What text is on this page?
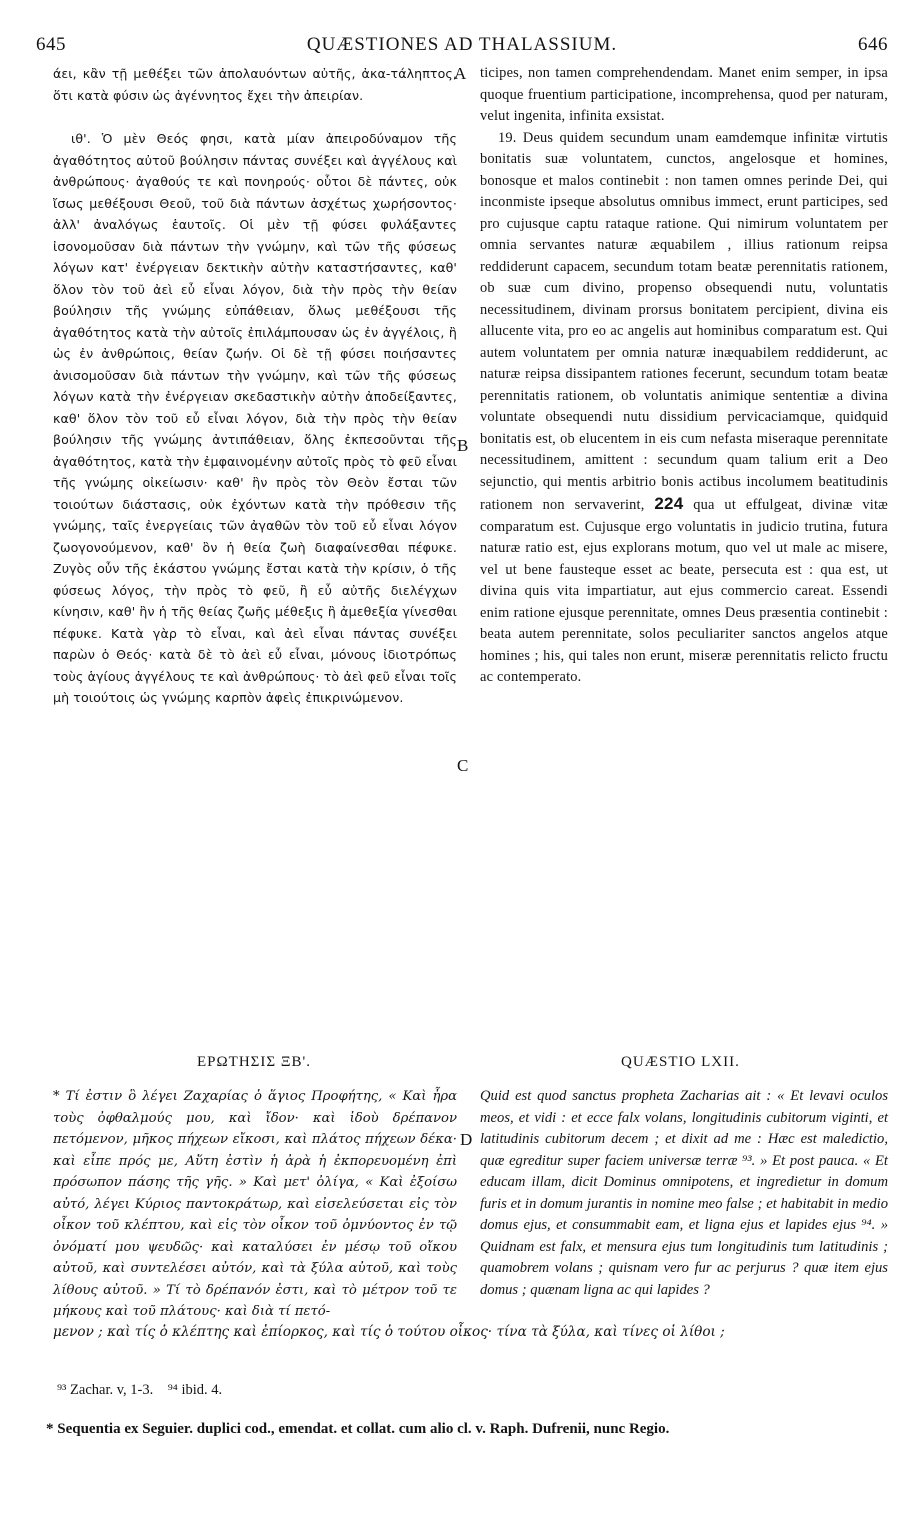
645	QUÆSTIONES AD THALASSIUM.	646

άει, κἂν τῇ μεθέξει τῶν ἀπολαυόντων αὐτῆς, ἀκα-τάληπτος, ὅτι κατὰ φύσιν ὡς ἀγέννητος ἔχει τὴν ἀπειρίαν.

ιθ'. Ὁ μὲν Θεός φησι, κατὰ μίαν ἀπειροδύναμον τῆς ἀγαθότητος αὐτοῦ βούλησιν πάντας συνέξει καὶ ἀγγέλους καὶ ἀνθρώπους· ἀγαθούς τε καὶ πονηρούς· οὗτοι δὲ πάντες, οὐκ ἴσως μεθέξουσι Θεοῦ, τοῦ διὰ πάντων ἀσχέτως χωρήσοντος· ἀλλ' ἀναλόγως ἑαυτοῖς. Οἱ μὲν τῇ φύσει φυλάξαντες ἰσονομοῦσαν διὰ πάντων τὴν γνώμην, καὶ τῶν τῆς φύσεως λόγων κατ' ἐνέργειαν δεκτικὴν αὐτὴν καταστήσαντες, καθ' ὅλον τὸν τοῦ ἀεὶ εὖ εἶναι λόγον, διὰ τὴν πρὸς τὴν θείαν βούλησιν τῆς γνώμης εὐπάθειαν, ὅλως μεθέξουσι τῆς ἀγαθότητος κατὰ τὴν αὐτοῖς ἐπιλάμπουσαν ὡς ἐν ἀγγέλοις, ἢ ὡς ἐν ἀνθρώποις, θείαν ζωήν. Οἱ δὲ τῇ φύσει ποιήσαντες ἀνισομοῦσαν διὰ πάντων τὴν γνώμην, καὶ τῶν τῆς φύσεως λόγων κατὰ τὴν ἐνέργειαν σκεδαστικὴν αὐτὴν ἀποδείξαντες, καθ' ὅλον τὸν τοῦ εὖ εἶναι λόγον, διὰ τὴν πρὸς τὴν θείαν βούλησιν τῆς γνώμης ἀντιπάθειαν, ὅλης ἐκπεσοῦνται τῆς ἀγαθότητος, κατὰ τὴν ἐμφαινομένην αὐτοῖς πρὸς τὸ φεῦ εἶναι τῆς γνώμης οἰκείωσιν· καθ' ἣν πρὸς τὸν Θεὸν ἔσται τῶν τοιούτων διάστασις, οὐκ ἐχόντων κατὰ τὴν πρόθεσιν τῆς γνώμης, ταῖς ἐνεργείαις τῶν ἀγαθῶν τὸν τοῦ εὖ εἶναι λόγον ζωογονούμενον, καθ' ὃν ἡ θεία ζωὴ διαφαίνεσθαι πέφυκε. Ζυγὸς οὖν τῆς ἑκάστου γνώμης ἔσται κατὰ τὴν κρίσιν, ὁ τῆς φύσεως λόγος, τὴν πρὸς τὸ φεῦ, ἢ εὖ αὐτῆς διελέγχων κίνησιν, καθ' ἣν ἡ τῆς θείας ζωῆς μέθεξις ἢ ἀμεθεξία γίνεσθαι πέφυκε. Κατὰ γὰρ τὸ εἶναι, καὶ ἀεὶ εἶναι πάντας συνέξει παρὼν ὁ Θεός· κατὰ δὲ τὸ ἀεὶ εὖ εἶναι, μόνους ἰδιοτρόπως τοὺς ἁγίους ἀγγέλους τε καὶ ἀνθρώπους· τὸ ἀεὶ φεῦ εἶναι τοῖς μὴ τοιούτοις ὡς γνώμης καρπὸν ἀφεὶς ἐπικρινώμενον.

ticipes, non tamen comprehendendam. Manet enim semper, in ipsa quoque fruentium participatione, incomprehensa, quod per naturam, velut ingenita, infinita exsistat.

19. Deus quidem secundum unam eamdemque infinitæ virtutis bonitatis suæ voluntatem, cunctos, angelosque et homines, bonosque et malos continebit : non tamen omnes perinde Dei, qui inconmiste ipseque absolutus omnibus immect, erunt participes, sed pro cujusque captu rataque ratione. Qui nimirum voluntatem per omnia servantes naturæ æquabilem , illius rationum reipsa reddiderunt capacem, secundum totam beatæ perennitatis rationem, ob suæ cum divino, propenso obsequendi nutu, voluntatis necessitudinem, divinam prorsus bonitatem percipient, divina eis allucente vita, pro eo ac angelis aut hominibus comparatum est. Qui autem voluntatem per omnia naturæ inæquabilem reddiderunt, ac naturæ reipsa dissipantem rationes fecerunt, secundum totam beatæ perennitatis rationem, ob voluntatis animique sententiæ a divina voluntate obsequendi nutu dissidium pervicaciamque, quidquid bonitatis est, ob elucentem in eis cum nefasta miseraque perennitate necessitudinem, amittent : secundum quam talium erit a Deo sejunctio, qui mentis arbitrio bonis actibus incolumem beatitudinis rationem non servaverint, 224 qua ut effulgeat, divinæ vitæ comparatum est. Cujusque ergo voluntatis in judicio trutina, futura naturæ ratio est, ejus explorans motum, quo vel ut male ac misere, vel ut bene fausteque esset ac beate, persecuta est : qua est, ut divina quis vita impartiatur, aut ejus commercio careat. Essendi enim ratione ejusque perennitate, omnes Deus præsentia continebit : beata autem perennitate, solos peculiariter sanctos angelos atque homines ; his, qui tales non erunt, miseræ perennitatis relicto fructu ac contemperato.

A
B
C
D
ΕΡΩΤΗΣΙΣ ΞΒ'.	QUÆSTIO LXII.
* Τί ἐστιν ὃ λέγει Ζαχαρίας ὁ ἅγιος Προφήτης, « Καὶ ἦρα τοὺς ὀφθαλμούς μου, καὶ ἴδον· καὶ ἰδοὺ δρέπανον πετόμενον, μῆκος πήχεων εἴκοσι, καὶ πλάτος πήχεων δέκα· καὶ εἶπε πρός με, Αὕτη ἐστὶν ἡ ἀρὰ ἡ ἐκπορευομένη ἐπὶ πρόσωπον πάσης τῆς γῆς. » Καὶ μετ' ὀλίγα, « Καὶ ἐξοίσω αὐτό, λέγει Κύριος παντοκράτωρ, καὶ εἰσελεύσεται εἰς τὸν οἶκον τοῦ κλέπτου, καὶ εἰς τὸν οἶκον τοῦ ὀμνύοντος ἐν τῷ ὀνόματί μου ψευδῶς· καὶ καταλύσει ἐν μέσῳ τοῦ οἴκου αὐτοῦ, καὶ συντελέσει αὐτόν, καὶ τὰ ξύλα αὐτοῦ, καὶ τοὺς λίθους αὐτοῦ. » Τί τὸ δρέπανόν ἐστι, καὶ τὸ μέτρον τοῦ τε μήκους καὶ τοῦ πλάτους· καὶ διὰ τί πετό-
Quid est quod sanctus propheta Zacharias ait : « Et levavi oculos meos, et vidi : et ecce falx volans, longitudinis cubitorum viginti, et latitudinis cubitorum decem ; et dixit ad me : Hæc est maledictio, quæ egreditur super faciem universæ terræ ⁹³. » Et post pauca. « Et educam illam, dicit Dominus omnipotens, et ingredietur in domum furis et in domum jurantis in nomine meo false ; et habitabit in medio domus ejus, et consummabit eam, et ligna ejus et lapides ejus ⁹⁴. » Quidnam est falx, et mensura ejus tum longitudinis tum latitudinis ; quamobrem volans ; quisnam vero fur ac perjurus ? quæ item ejus domus ; quænam ligna ac qui lapides ?
μενον ; καὶ τίς ὁ κλέπτης καὶ ἐπίορκος, καὶ τίς ὁ τούτου οἶκος· τίνα τὰ ξύλα, καὶ τίνες οἱ λίθοι ;
⁹³ Zachar. v, 1-3. ⁹⁴ ibid. 4.
* Sequentia ex Seguier. duplici cod., emendat. et collat. cum alio cl. v. Raph. Dufrenii, nunc Regio.
